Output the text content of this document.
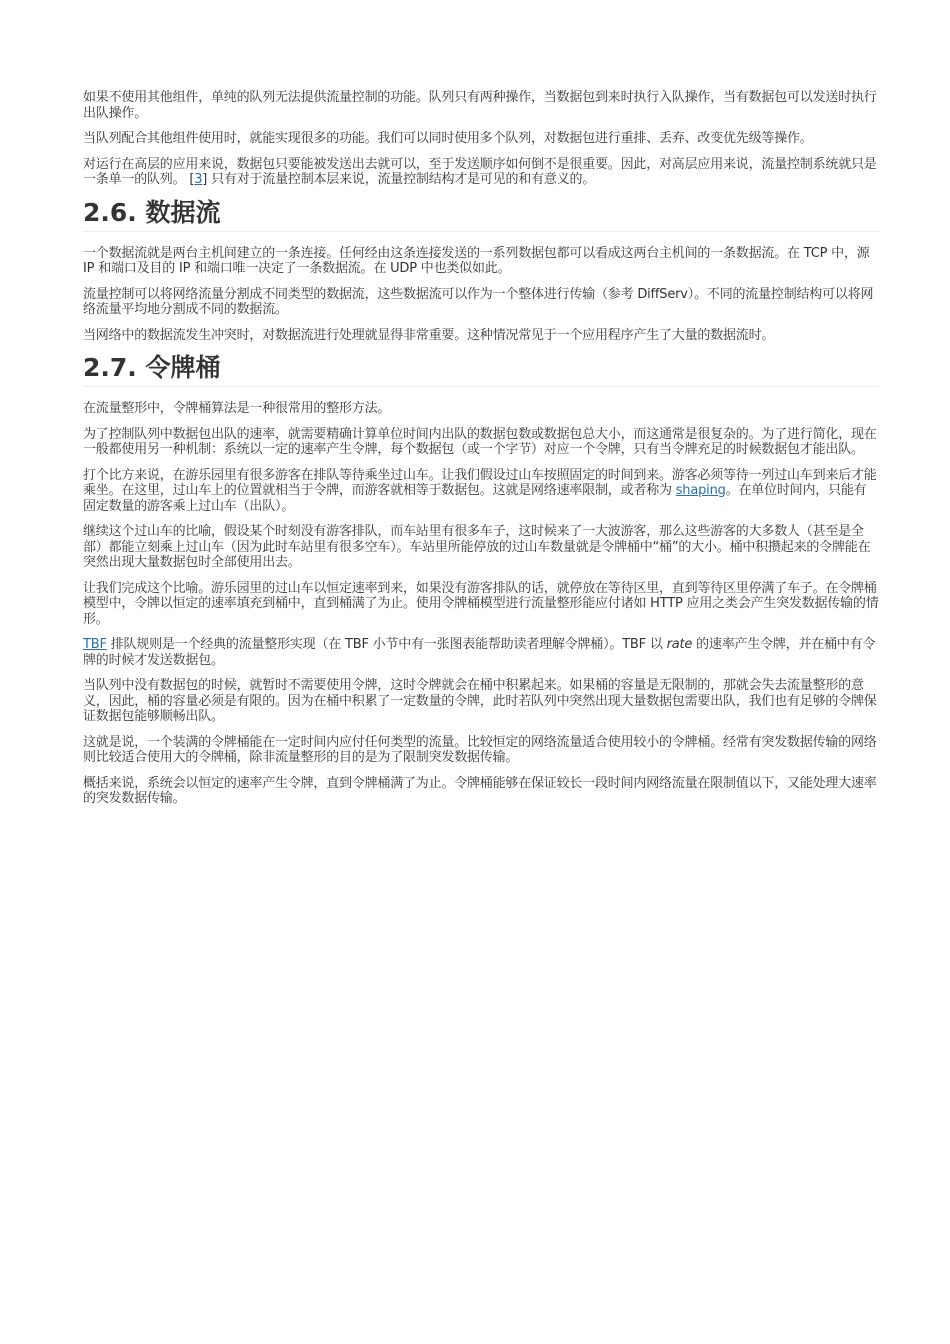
如果不使用其他组件，单纯的队列无法提供流量控制的功能。队列只有两种操作，当数据包到来时执行入队操作，当有数据包可以发送时执行出队操作。

当队列配合其他组件使用时，就能实现很多的功能。我们可以同时使用多个队列，对数据包进行重排、丢弃、改变优先级等操作。

对运行在高层的应用来说，数据包只要能被发送出去就可以，至于发送顺序如何倒不是很重要。因此，对高层应用来说，流量控制系统就只是一条单一的队列。 [3] 只有对于流量控制本层来说，流量控制结构才是可见的和有意义的。

2.6. 数据流

一个数据流就是两台主机间建立的一条连接。任何经由这条连接发送的一系列数据包都可以看成这两台主机间的一条数据流。在 TCP 中，源 IP 和端口及目的 IP 和端口唯一决定了一条数据流。在 UDP 中也类似如此。

流量控制可以将网络流量分割成不同类型的数据流，这些数据流可以作为一个整体进行传输（参考 DiffServ）。不同的流量控制结构可以将网络流量平均地分割成不同的数据流。

当网络中的数据流发生冲突时，对数据流进行处理就显得非常重要。这种情况常见于一个应用程序产生了大量的数据流时。

2.7. 令牌桶

在流量整形中，令牌桶算法是一种很常用的整形方法。

为了控制队列中数据包出队的速率，就需要精确计算单位时间内出队的数据包数或数据包总大小，而这通常是很复杂的。为了进行简化，现在一般都使用另一种机制：系统以一定的速率产生令牌，每个数据包（或一个字节）对应一个令牌，只有当令牌充足的时候数据包才能出队。

打个比方来说，在游乐园里有很多游客在排队等待乘坐过山车。让我们假设过山车按照固定的时间到来。游客必须等待一列过山车到来后才能乘坐。在这里，过山车上的位置就相当于令牌，而游客就相等于数据包。这就是网络速率限制，或者称为 shaping。在单位时间内，只能有固定数量的游客乘上过山车（出队）。

继续这个过山车的比喻，假设某个时刻没有游客排队，而车站里有很多车子，这时候来了一大波游客，那么这些游客的大多数人（甚至是全部）都能立刻乘上过山车（因为此时车站里有很多空车）。车站里所能停放的过山车数量就是令牌桶中“桶”的大小。桶中积攒起来的令牌能在突然出现大量数据包时全部使用出去。

让我们完成这个比喻。游乐园里的过山车以恒定速率到来，如果没有游客排队的话，就停放在等待区里，直到等待区里停满了车子。在令牌桶模型中，令牌以恒定的速率填充到桶中，直到桶满了为止。使用令牌桶模型进行流量整形能应付诸如 HTTP 应用之类会产生突发数据传输的情形。

TBF 排队规则是一个经典的流量整形实现（在 TBF 小节中有一张图表能帮助读者理解令牌桶）。TBF 以 rate 的速率产生令牌，并在桶中有令牌的时候才发送数据包。

当队列中没有数据包的时候，就暂时不需要使用令牌，这时令牌就会在桶中积累起来。如果桶的容量是无限制的，那就会失去流量整形的意义，因此，桶的容量必须是有限的。因为在桶中积累了一定数量的令牌，此时若队列中突然出现大量数据包需要出队，我们也有足够的令牌保证数据包能够顺畅出队。

这就是说，一个装满的令牌桶能在一定时间内应付任何类型的流量。比较恒定的网络流量适合使用较小的令牌桶。经常有突发数据传输的网络则比较适合使用大的令牌桶，除非流量整形的目的是为了限制突发数据传输。

概括来说，系统会以恒定的速率产生令牌，直到令牌桶满了为止。令牌桶能够在保证较长一段时间内网络流量在限制值以下，又能处理大速率的突发数据传输。
